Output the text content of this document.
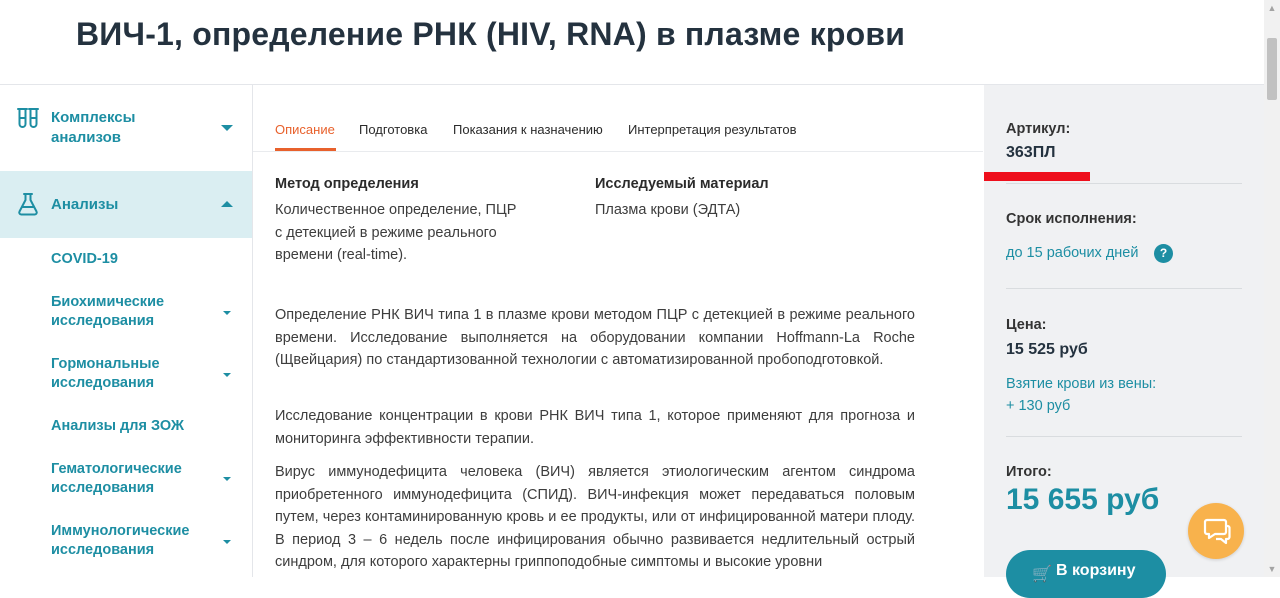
ВИЧ-1, определение РНК (HIV, RNA) в плазме крови
▲
▼
Комплексы
анализов
Анализы
COVID-19
Биохимические
исследования
Гормональные
исследования
Анализы для ЗОЖ
Гематологические
исследования
Иммунологические
исследования
Описание Подготовка Показания к назначению Интерпретация результатов
Метод определения
Количественное определение, ПЦР
с детекцией в режиме реального
времени (real-time).
Исследуемый материал
Плазма крови (ЭДТА)

Определение РНК ВИЧ типа 1 в плазме крови методом ПЦР с детекцией в режиме реального времени. Исследование выполняется на оборудовании компании Hoffmann-La Roche (Щвейцария) по стандартизованной технологии с автоматизированной пробоподготовкой.

Исследование концентрации в крови РНК ВИЧ типа 1, которое применяют для прогноза и мониторинга эффективности терапии.

Вирус иммунодефицита человека (ВИЧ) является этиологическим агентом синдрома приобретенного иммунодефицита (СПИД). ВИЧ-инфекция может передаваться половым путем, через контаминированную кровь и ее продукты, или от инфицированной матери плоду. В период 3 – 6 недель после инфицирования обычно развивается недлительный острый синдром, для которого характерны гриппоподобные симптомы и высокие уровни

Артикул:
363ПЛ
Срок исполнения:
до 15 рабочих дней	?
Цена:
15 525 руб
Взятие крови из вены:
+ 130 руб
Итого:
15 655 руб
🛒 В корзину
